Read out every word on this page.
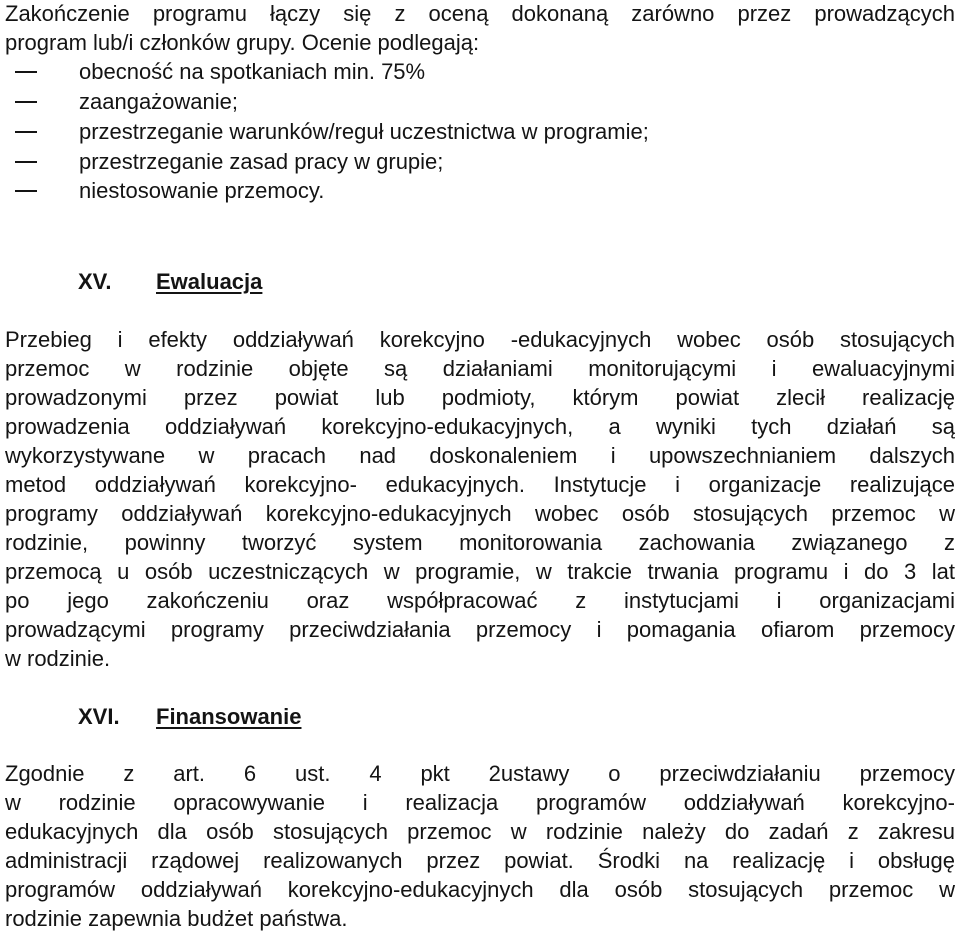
Zakończenie programu łączy się z oceną dokonaną zarówno przez prowadzących
program lub/i członków grupy. Ocenie podlegają:
obecność na spotkaniach min. 75%
zaangażowanie;
przestrzeganie warunków/reguł uczestnictwa w programie;
przestrzeganie zasad pracy w grupie;
niestosowanie przemocy.
XV. Ewaluacja
Przebieg i efekty oddziaływań korekcyjno -edukacyjnych wobec osób stosujących
przemoc w rodzinie objęte są działaniami monitorującymi i ewaluacyjnymi
prowadzonymi przez powiat lub podmioty, którym powiat zlecił realizację
prowadzenia oddziaływań korekcyjno-edukacyjnych, a wyniki tych działań są
wykorzystywane w pracach nad doskonaleniem i upowszechnianiem dalszych
metod oddziaływań korekcyjno- edukacyjnych. Instytucje i organizacje realizujące
programy oddziaływań korekcyjno-edukacyjnych wobec osób stosujących przemoc w
rodzinie, powinny tworzyć system monitorowania zachowania związanego z
przemocą u osób uczestniczących w programie, w trakcie trwania programu i do 3 lat
po jego zakończeniu oraz współpracować z instytucjami i organizacjami
prowadzącymi programy przeciwdziałania przemocy i pomagania ofiarom przemocy
w rodzinie.
XVI. Finansowanie
Zgodnie z art. 6 ust. 4 pkt 2ustawy o przeciwdziałaniu przemocy
w rodzinie opracowywanie i realizacja programów oddziaływań korekcyjno-
edukacyjnych dla osób stosujących przemoc w rodzinie należy do zadań z zakresu
administracji rządowej realizowanych przez powiat. Środki na realizację i obsługę
programów oddziaływań korekcyjno-edukacyjnych dla osób stosujących przemoc w
rodzinie zapewnia budżet państwa.
